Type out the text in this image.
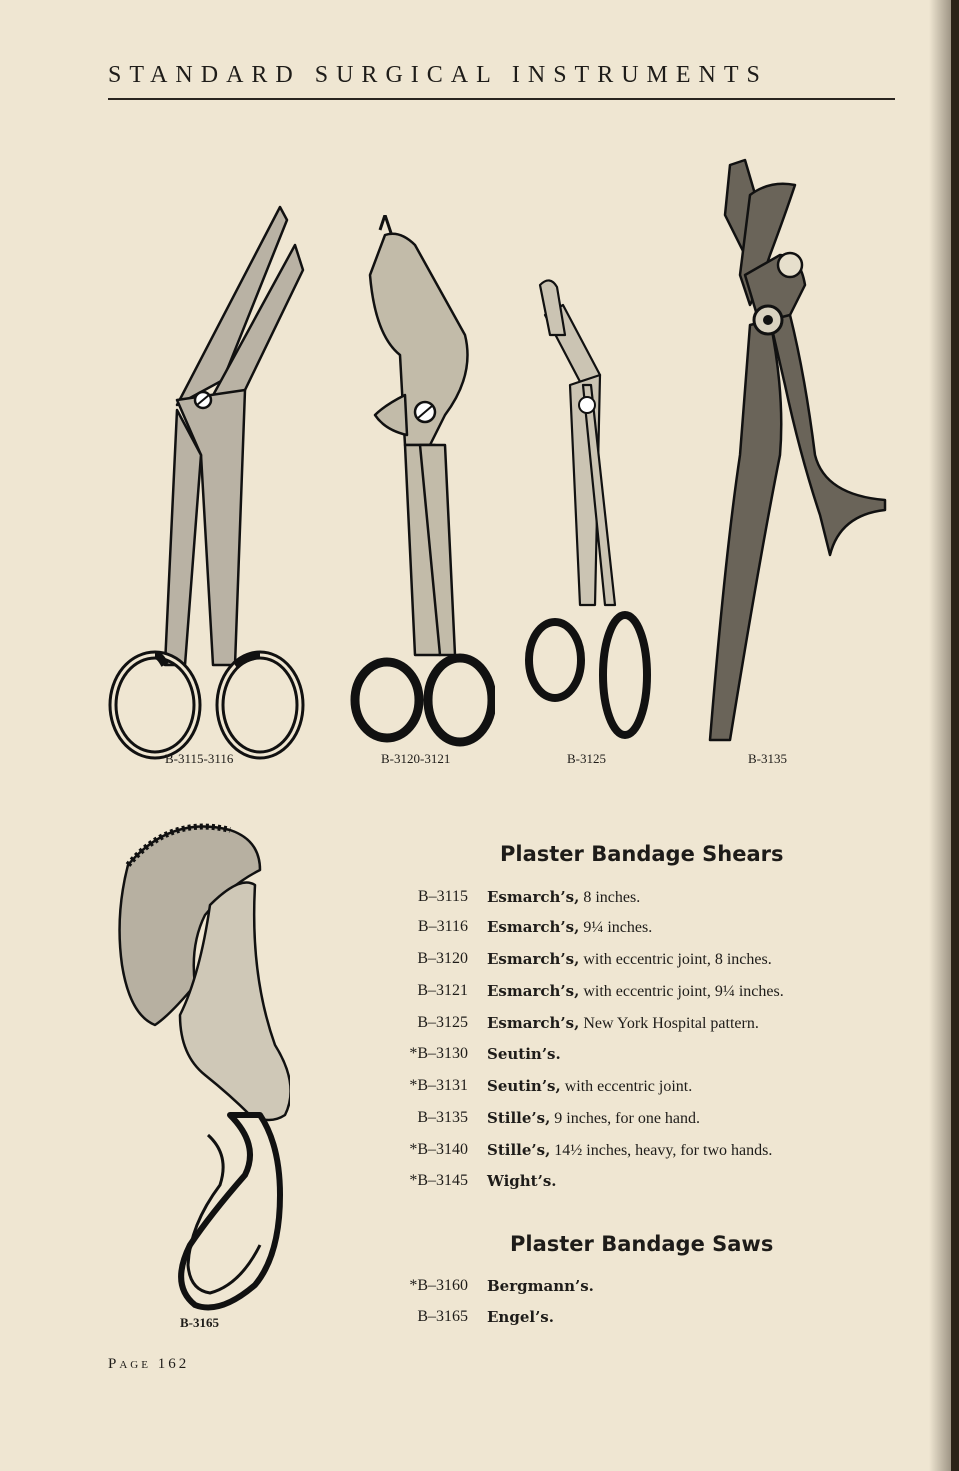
STANDARD SURGICAL INSTRUMENTS
B-3115-3116	B-3120-3121	B-3125	B-3135
B-3165
Plaster Bandage Shears
B–3115 Esmarch’s, 8 inches.
B–3116 Esmarch’s, 9¼ inches.
B–3120 Esmarch’s, with eccentric joint, 8 inches.
B–3121 Esmarch’s, with eccentric joint, 9¼ inches.
B–3125 Esmarch’s, New York Hospital pattern.
*B–3130 Seutin’s.
*B–3131 Seutin’s, with eccentric joint.
B–3135 Stille’s, 9 inches, for one hand.
*B–3140 Stille’s, 14½ inches, heavy, for two hands.
*B–3145 Wight’s.
Plaster Bandage Saws
*B–3160 Bergmann’s.
B–3165 Engel’s.
Page 162
